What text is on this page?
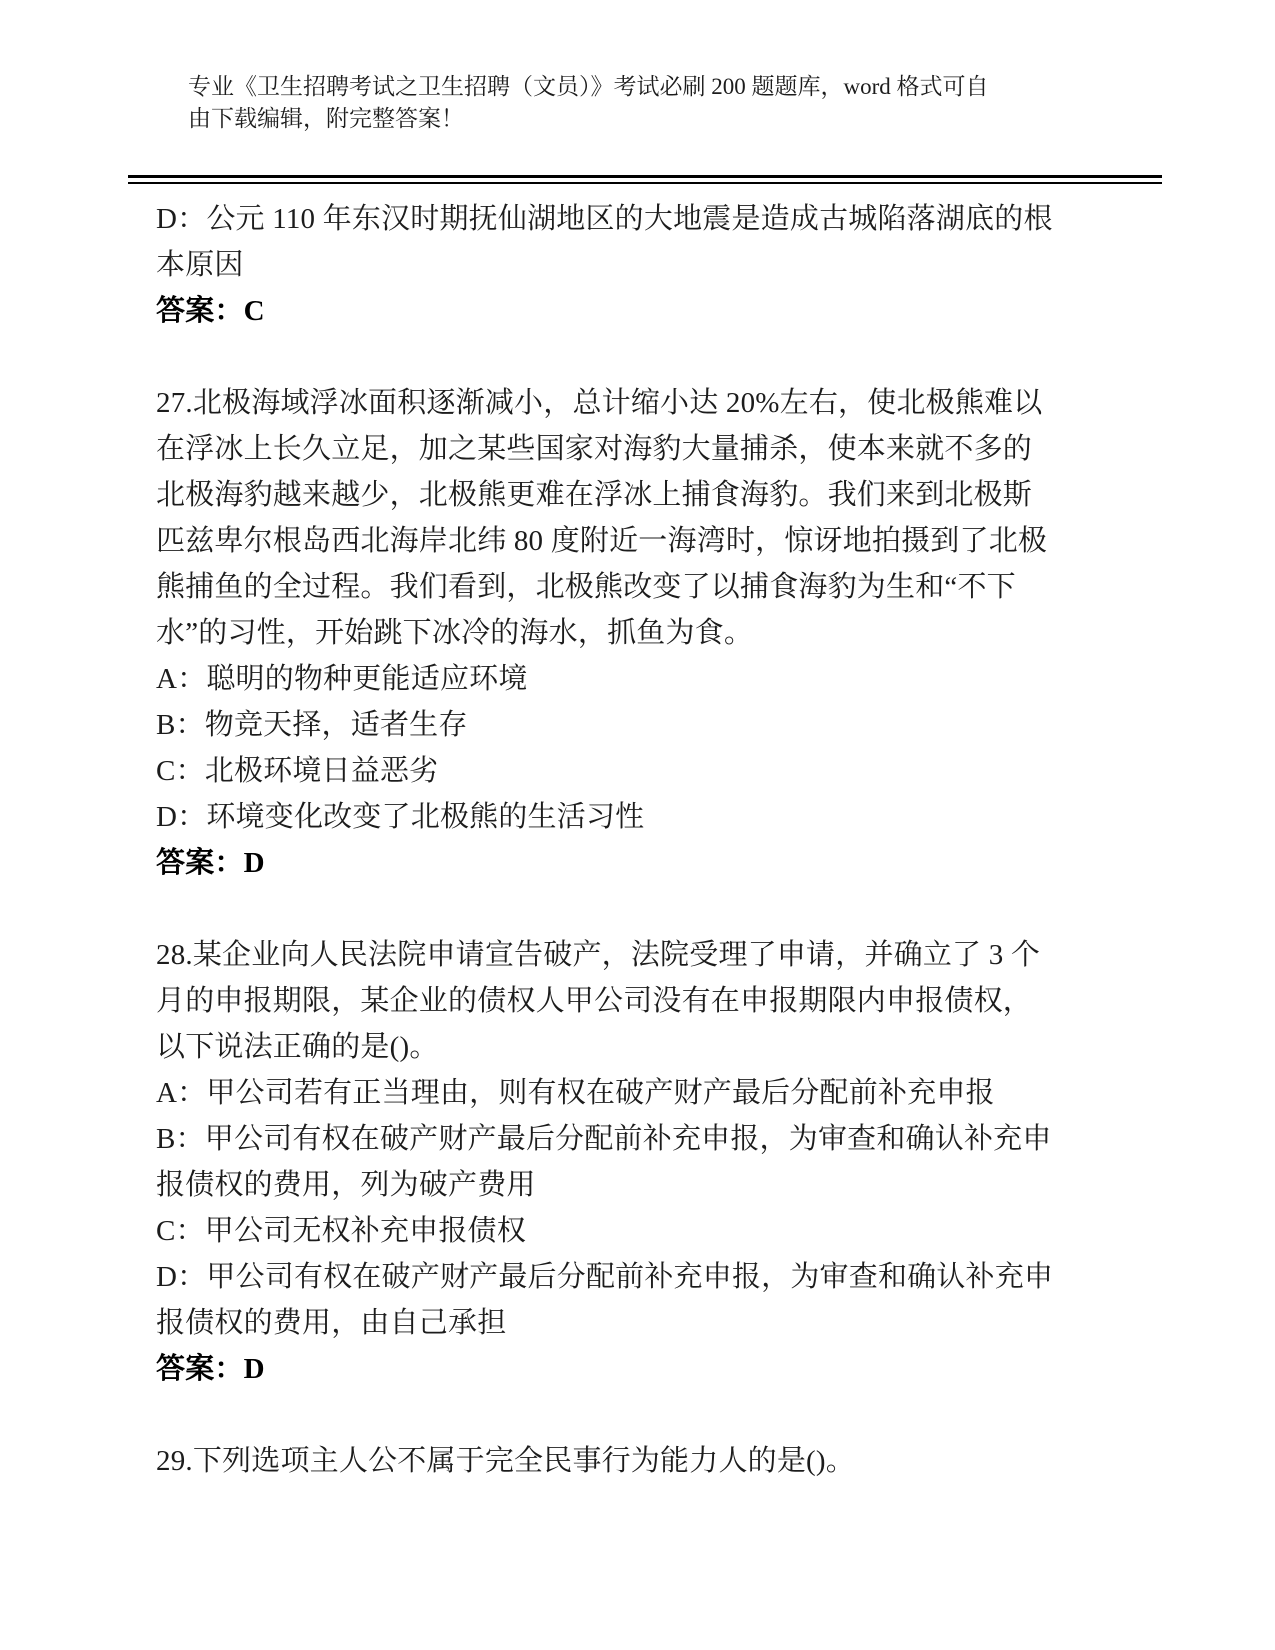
专业《卫生招聘考试之卫生招聘（文员）》考试必刷 200 题题库，word 格式可自
由下载编辑，附完整答案！
D：公元 110 年东汉时期抚仙湖地区的大地震是造成古城陷落湖底的根
本原因
答案：C
27.北极海域浮冰面积逐渐减小，总计缩小达 20%左右，使北极熊难以
在浮冰上长久立足，加之某些国家对海豹大量捕杀，使本来就不多的
北极海豹越来越少，北极熊更难在浮冰上捕食海豹。我们来到北极斯
匹兹卑尔根岛西北海岸北纬 80 度附近一海湾时，惊讶地拍摄到了北极
熊捕鱼的全过程。我们看到，北极熊改变了以捕食海豹为生和“不下
水”的习性，开始跳下冰冷的海水，抓鱼为食。
A：聪明的物种更能适应环境
B：物竞天择，适者生存
C：北极环境日益恶劣
D：环境变化改变了北极熊的生活习性
答案：D
28.某企业向人民法院申请宣告破产，法院受理了申请，并确立了 3 个
月的申报期限，某企业的债权人甲公司没有在申报期限内申报债权，
以下说法正确的是()。
A：甲公司若有正当理由，则有权在破产财产最后分配前补充申报
B：甲公司有权在破产财产最后分配前补充申报，为审查和确认补充申
报债权的费用，列为破产费用
C：甲公司无权补充申报债权
D：甲公司有权在破产财产最后分配前补充申报，为审查和确认补充申
报债权的费用，由自己承担
答案：D
29.下列选项主人公不属于完全民事行为能力人的是()。
